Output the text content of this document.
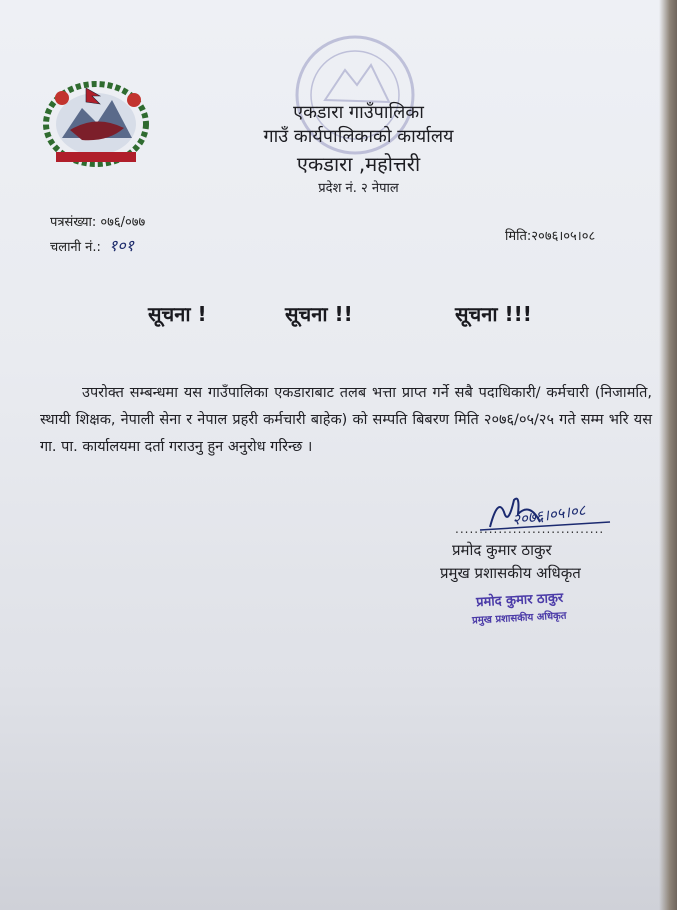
एकडारा गाउँपालिका
गाउँ कार्यपालिकाको कार्यालय
एकडारा ,महोत्तरी
प्रदेश नं. २ नेपाल
पत्रसंख्या: ०७६/०७७
चलानी नं.: १०१	मिति:२०७६।०५।०८
सूचना !	सूचना !!	सूचना !!!
उपरोक्त सम्बन्धमा यस गाउँपालिका एकडाराबाट तलब भत्ता प्राप्त गर्ने सबै पदाधिकारी/ कर्मचारी (निजामति, स्थायी शिक्षक, नेपाली सेना र नेपाल प्रहरी कर्मचारी बाहेक) को सम्पति बिबरण मिति २०७६/०५/२५ गते सम्म भरि यस गा. पा. कार्यालयमा दर्ता गराउनु हुन अनुरोध गरिन्छ ।
२०७६।०५।०८
...............................
प्रमोद कुमार ठाकुर
प्रमुख प्रशासकीय अधिकृत
प्रमोद कुमार ठाकुर
प्रमुख प्रशासकीय अधिकृत
